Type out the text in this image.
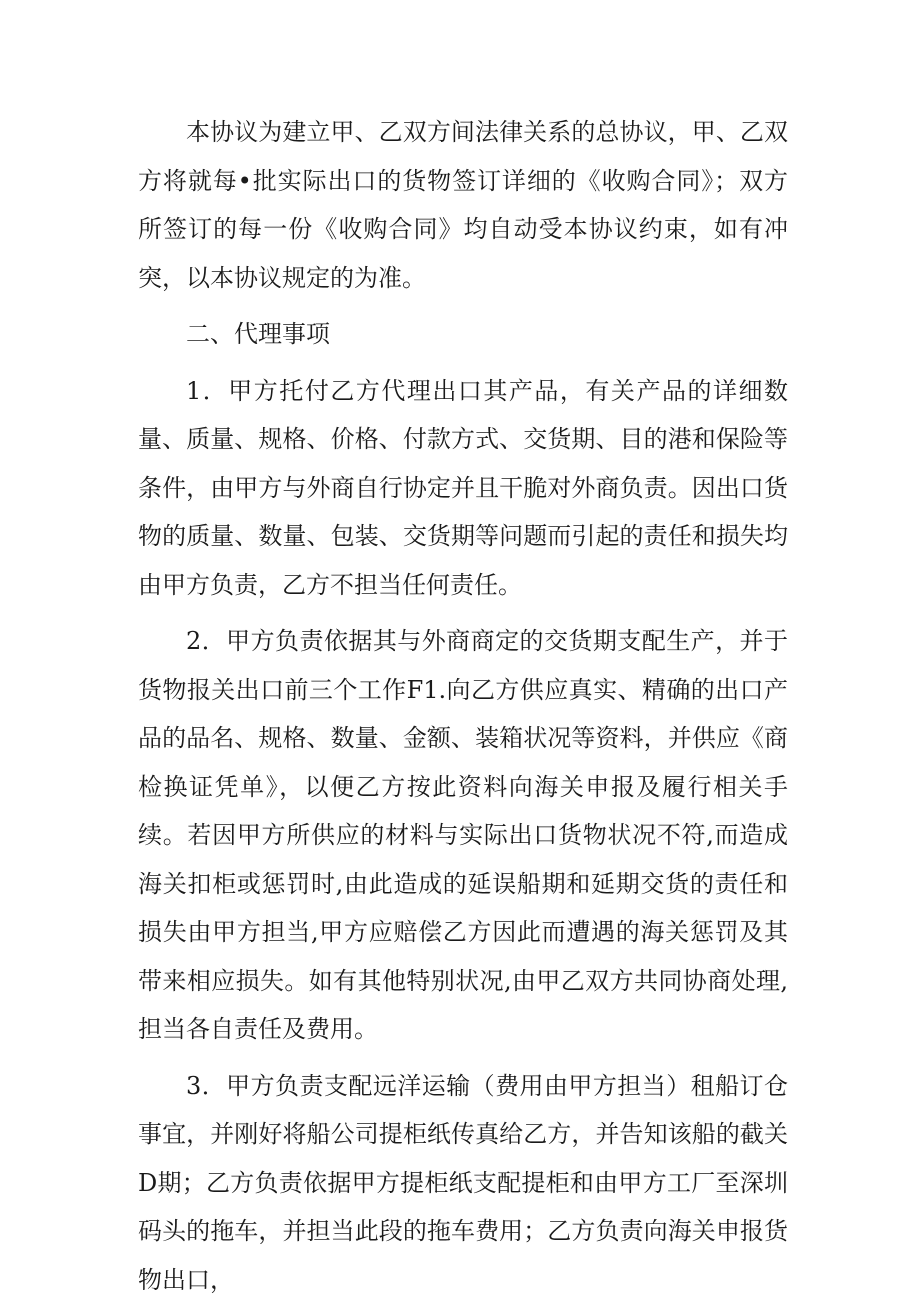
本协议为建立甲、乙双方间法律关系的总协议，甲、乙双方将就每•批实际出口的货物签订详细的《收购合同》；双方所签订的每一份《收购合同》均自动受本协议约束，如有冲突，以本协议规定的为准。

二、代理事项

1．甲方托付乙方代理出口其产品，有关产品的详细数量、质量、规格、价格、付款方式、交货期、目的港和保险等条件，由甲方与外商自行协定并且干脆对外商负责。因出口货物的质量、数量、包装、交货期等问题而引起的责任和损失均由甲方负责，乙方不担当任何责任。

2．甲方负责依据其与外商商定的交货期支配生产，并于货物报关出口前三个工作F1.向乙方供应真实、精确的出口产品的品名、规格、数量、金额、装箱状况等资料，并供应《商检换证凭单》，以便乙方按此资料向海关申报及履行相关手续。若因甲方所供应的材料与实际出口货物状况不符,而造成海关扣柜或惩罚时,由此造成的延误船期和延期交货的责任和损失由甲方担当,甲方应赔偿乙方因此而遭遇的海关惩罚及其带来相应损失。如有其他特别状况,由甲乙双方共同协商处理,担当各自责任及费用。

3．甲方负责支配远洋运输（费用由甲方担当）租船订仓事宜，并刚好将船公司提柜纸传真给乙方，并告知该船的截关D期；乙方负责依据甲方提柜纸支配提柜和由甲方工厂至深圳码头的拖车，并担当此段的拖车费用；乙方负责向海关申报货物出口，
